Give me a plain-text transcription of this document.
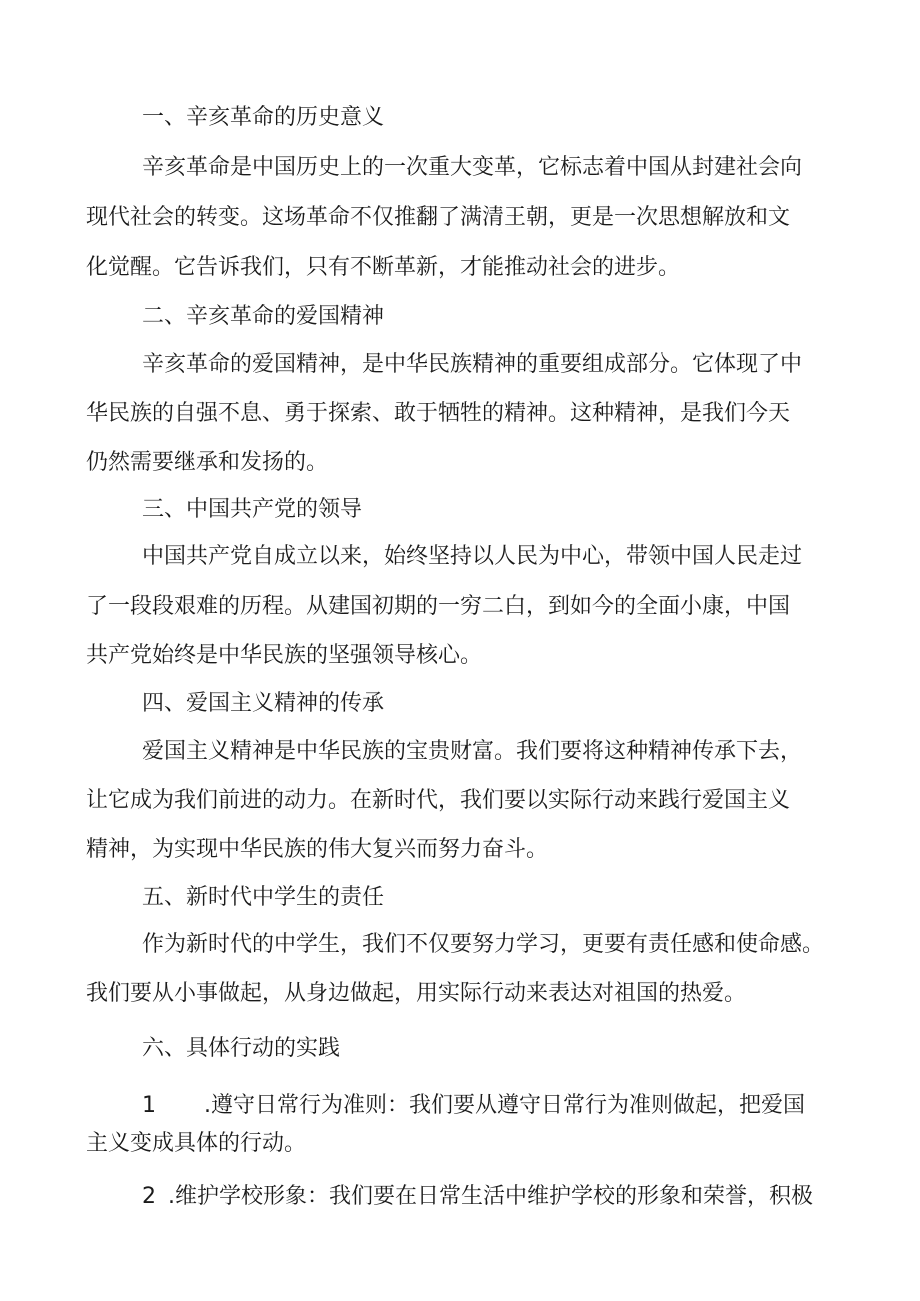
一、辛亥革命的历史意义
辛亥革命是中国历史上的一次重大变革，它标志着中国从封建社会向
现代社会的转变。这场革命不仅推翻了满清王朝，更是一次思想解放和文
化觉醒。它告诉我们，只有不断革新，才能推动社会的进步。
二、辛亥革命的爱国精神
辛亥革命的爱国精神，是中华民族精神的重要组成部分。它体现了中
华民族的自强不息、勇于探索、敢于牺牲的精神。这种精神，是我们今天
仍然需要继承和发扬的。
三、中国共产党的领导
中国共产党自成立以来，始终坚持以人民为中心，带领中国人民走过
了一段段艰难的历程。从建国初期的一穷二白，到如今的全面小康，中国
共产党始终是中华民族的坚强领导核心。
四、爱国主义精神的传承
爱国主义精神是中华民族的宝贵财富。我们要将这种精神传承下去，
让它成为我们前进的动力。在新时代，我们要以实际行动来践行爱国主义
精神，为实现中华民族的伟大复兴而努力奋斗。
五、新时代中学生的责任
作为新时代的中学生，我们不仅要努力学习，更要有责任感和使命感。
我们要从小事做起，从身边做起，用实际行动来表达对祖国的热爱。
六、具体行动的实践
1 .遵守日常行为准则：我们要从遵守日常行为准则做起，把爱国
主义变成具体的行动。
2 .维护学校形象：我们要在日常生活中维护学校的形象和荣誉，积极
